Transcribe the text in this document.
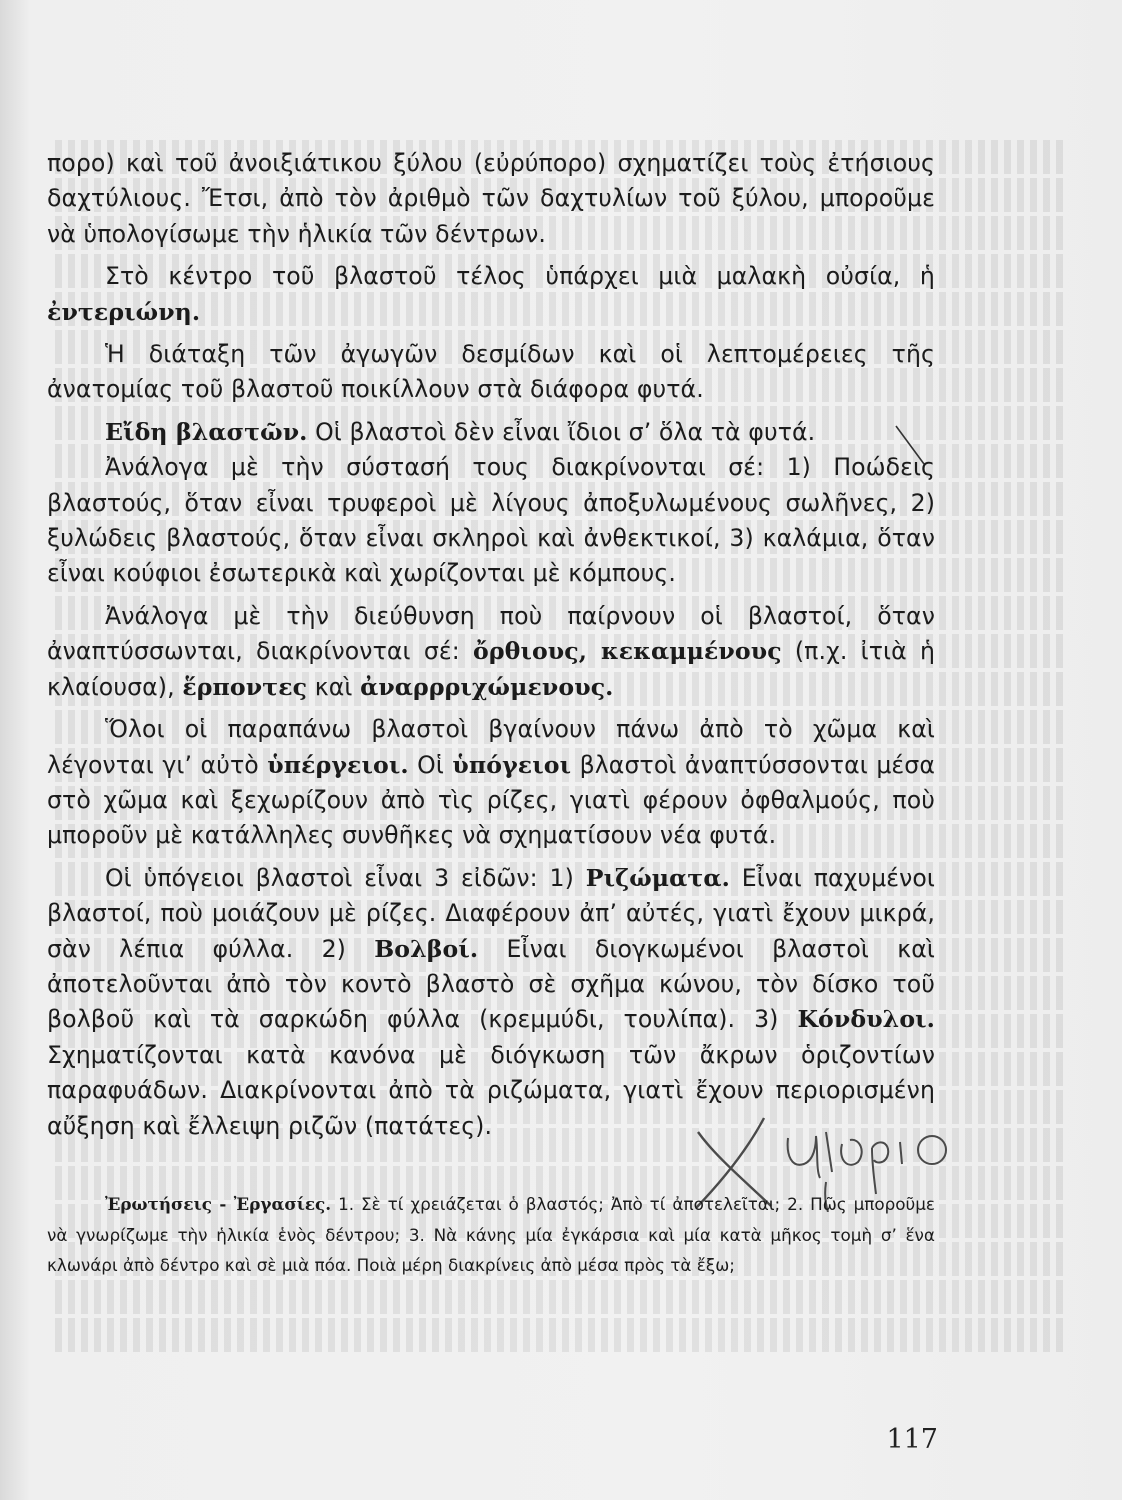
πορο) καὶ τοῦ ἀνοιξιάτικου ξύλου (εὐρύπορο) σχηματίζει τοὺς ἐτήσιους δαχτύλιους. Ἔτσι, ἀπὸ τὸν ἀριθμὸ τῶν δαχτυλίων τοῦ ξύλου, μποροῦμε νὰ ὑπολογίσωμε τὴν ἡλικία τῶν δέντρων.

Στὸ κέντρο τοῦ βλαστοῦ τέλος ὑπάρχει μιὰ μαλακὴ οὐσία, ἡ ἐντεριώνη.

Ἡ διάταξη τῶν ἀγωγῶν δεσμίδων καὶ οἱ λεπτομέρειες τῆς ἀνατομίας τοῦ βλαστοῦ ποικίλλουν στὰ διάφορα φυτά.

Εἴδη βλαστῶν. Οἱ βλαστοὶ δὲν εἶναι ἴδιοι σ’ ὅλα τὰ φυτά.

Ἀνάλογα μὲ τὴν σύστασή τους διακρίνονται σέ: 1) Ποώδεις βλαστούς, ὅταν εἶναι τρυφεροὶ μὲ λίγους ἀποξυλωμένους σωλῆνες, 2) ξυλώδεις βλαστούς, ὅταν εἶναι σκληροὶ καὶ ἀνθεκτικοί, 3) καλάμια, ὅταν εἶναι κούφιοι ἐσωτερικὰ καὶ χωρίζονται μὲ κόμπους.

Ἀνάλογα μὲ τὴν διεύθυνση ποὺ παίρνουν οἱ βλαστοί, ὅταν ἀναπτύσσωνται, διακρίνονται σέ: ὄρθιους, κεκαμμένους (π.χ. ἰτιὰ ἡ κλαίουσα), ἕρποντες καὶ ἀναρρριχώμενους.

Ὅλοι οἱ παραπάνω βλαστοὶ βγαίνουν πάνω ἀπὸ τὸ χῶμα καὶ λέγονται γι’ αὐτὸ ὑπέργειοι. Οἱ ὑπόγειοι βλαστοὶ ἀναπτύσσονται μέσα στὸ χῶμα καὶ ξεχωρίζουν ἀπὸ τὶς ρίζες, γιατὶ φέρουν ὀφθαλμούς, ποὺ μποροῦν μὲ κατάλληλες συνθῆκες νὰ σχηματίσουν νέα φυτά.

Οἱ ὑπόγειοι βλαστοὶ εἶναι 3 εἰδῶν: 1) Ριζώματα. Εἶναι παχυμένοι βλαστοί, ποὺ μοιάζουν μὲ ρίζες. Διαφέρουν ἀπ’ αὐτές, γιατὶ ἔχουν μικρά, σὰν λέπια φύλλα. 2) Βολβοί. Εἶναι διογκωμένοι βλαστοὶ καὶ ἀποτελοῦνται ἀπὸ τὸν κοντὸ βλαστὸ σὲ σχῆμα κώνου, τὸν δίσκο τοῦ βολβοῦ καὶ τὰ σαρκώδη φύλλα (κρεμμύδι, τουλίπα). 3) Κόνδυλοι. Σχηματίζονται κατὰ κανόνα μὲ διόγκωση τῶν ἄκρων ὁριζοντίων παραφυάδων. Διακρίνονται ἀπὸ τὰ ριζώματα, γιατὶ ἔχουν περιορισμένη αὔξηση καὶ ἔλλειψη ριζῶν (πατάτες).

Ἐρωτήσεις - Ἐργασίες. 1. Σὲ τί χρειάζεται ὁ βλαστός; Ἀπὸ τί ἀποτελεῖται; 2. Πῶς μποροῦμε νὰ γνωρίζωμε τὴν ἡλικία ἑνὸς δέντρου; 3. Νὰ κάνης μία ἐγκάρσια καὶ μία κατὰ μῆκος τομὴ σ’ ἕνα κλωνάρι ἀπὸ δέντρο καὶ σὲ μιὰ πόα. Ποιὰ μέρη διακρίνεις ἀπὸ μέσα πρὸς τὰ ἔξω;

117
